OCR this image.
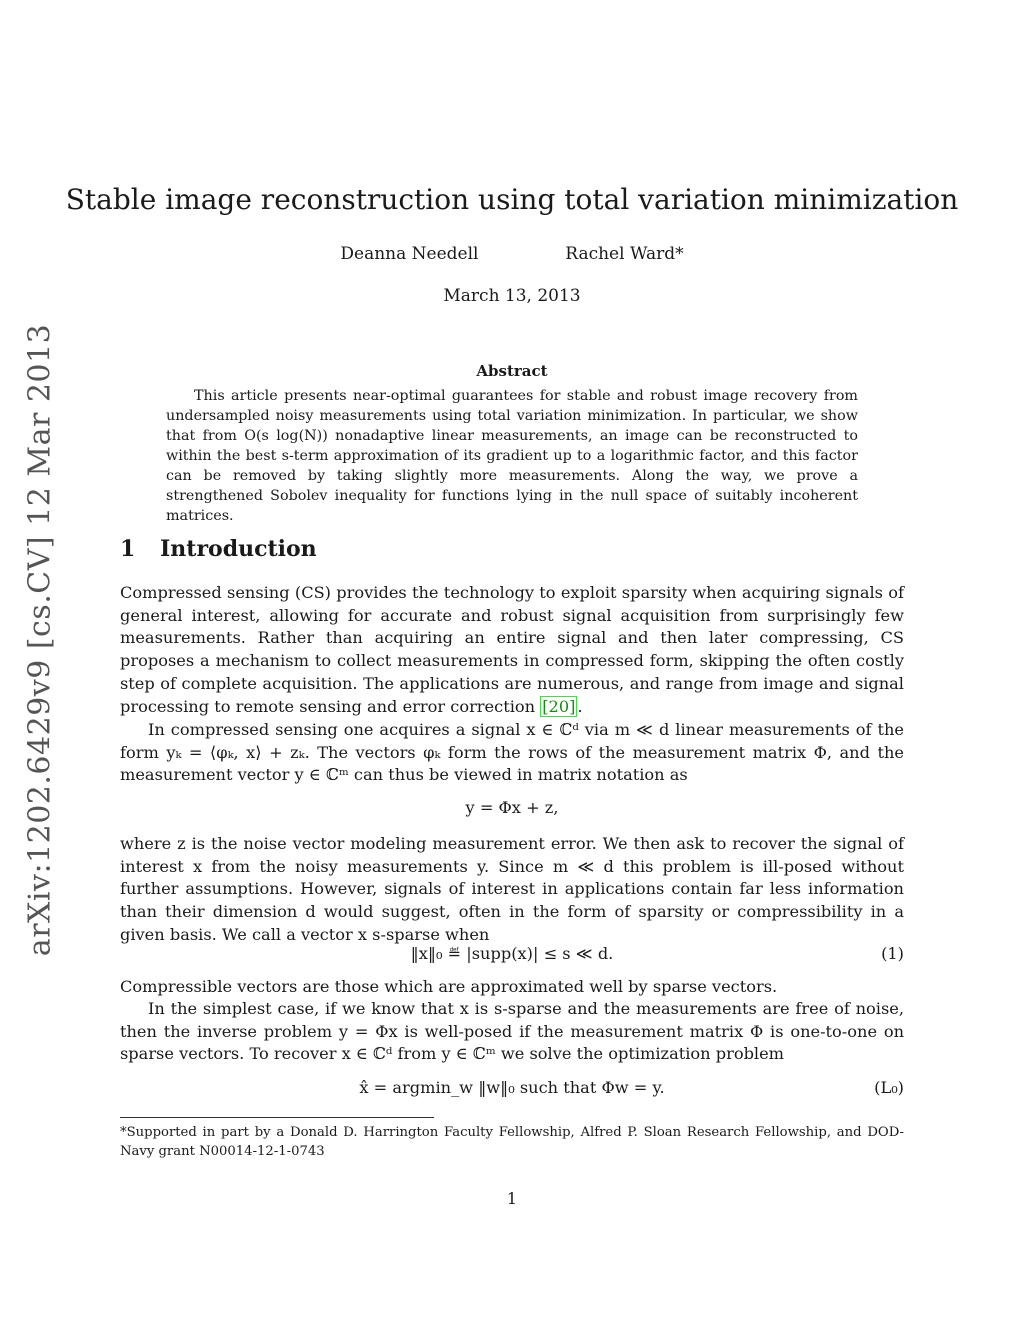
arXiv:1202.6429v9 [cs.CV] 12 Mar 2013
Stable image reconstruction using total variation minimization
Deanna Needell	Rachel Ward*
March 13, 2013
Abstract

This article presents near-optimal guarantees for stable and robust image recovery from undersampled noisy measurements using total variation minimization. In particular, we show that from O(s log(N)) nonadaptive linear measurements, an image can be reconstructed to within the best s-term approximation of its gradient up to a logarithmic factor, and this factor can be removed by taking slightly more measurements. Along the way, we prove a strengthened Sobolev inequality for functions lying in the null space of suitably incoherent matrices.

1 Introduction

Compressed sensing (CS) provides the technology to exploit sparsity when acquiring signals of general interest, allowing for accurate and robust signal acquisition from surprisingly few measurements. Rather than acquiring an entire signal and then later compressing, CS proposes a mechanism to collect measurements in compressed form, skipping the often costly step of complete acquisition. The applications are numerous, and range from image and signal processing to remote sensing and error correction [20] .

In compressed sensing one acquires a signal x ∈ ℂᵈ via m ≪ d linear measurements of the form yₖ = ⟨φₖ, x⟩ + zₖ. The vectors φₖ form the rows of the measurement matrix Φ, and the measurement vector y ∈ ℂᵐ can thus be viewed in matrix notation as

y = Φx + z,

where z is the noise vector modeling measurement error. We then ask to recover the signal of interest x from the noisy measurements y. Since m ≪ d this problem is ill-posed without further assumptions. However, signals of interest in applications contain far less information than their dimension d would suggest, often in the form of sparsity or compressibility in a given basis. We call a vector x s-sparse when

‖x‖₀ ≝ |supp(x)| ≤ s ≪ d.	(1)

Compressible vectors are those which are approximated well by sparse vectors.

In the simplest case, if we know that x is s-sparse and the measurements are free of noise, then the inverse problem y = Φx is well-posed if the measurement matrix Φ is one-to-one on sparse vectors. To recover x ∈ ℂᵈ from y ∈ ℂᵐ we solve the optimization problem

x̂ = argmin_w ‖w‖₀ such that Φw = y.	(L₀)

*Supported in part by a Donald D. Harrington Faculty Fellowship, Alfred P. Sloan Research Fellowship, and DOD-Navy grant N00014-12-1-0743

1
